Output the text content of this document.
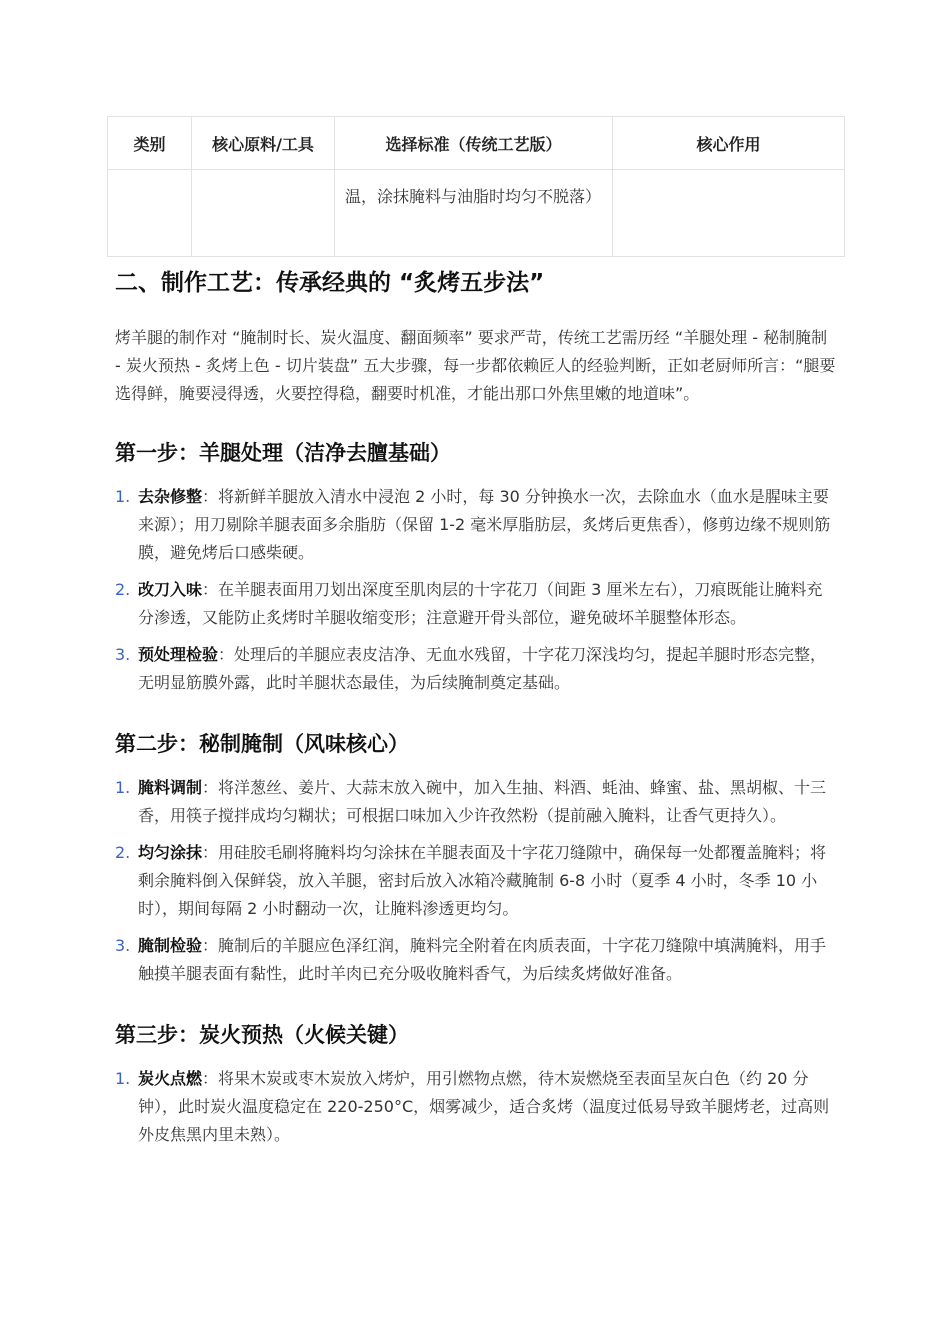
类别	核心原料/工具	选择标准（传统工艺版）	核心作用
		温，涂抹腌料与油脂时均匀不脱落）	
二、制作工艺：传承经典的 “炙烤五步法”

烤羊腿的制作对 “腌制时长、炭火温度、翻面频率” 要求严苛，传统工艺需历经 “羊腿处理 - 秘制腌制 - 炭火预热 - 炙烤上色 - 切片装盘” 五大步骤，每一步都依赖匠人的经验判断，正如老厨师所言：“腿要选得鲜，腌要浸得透，火要控得稳，翻要时机准，才能出那口外焦里嫩的地道味”。

第一步：羊腿处理（洁净去膻基础）
1. 去杂修整：将新鲜羊腿放入清水中浸泡 2 小时，每 30 分钟换水一次，去除血水（血水是腥味主要来源）；用刀剔除羊腿表面多余脂肪（保留 1-2 毫米厚脂肪层，炙烤后更焦香），修剪边缘不规则筋膜，避免烤后口感柴硬。
2. 改刀入味：在羊腿表面用刀划出深度至肌肉层的十字花刀（间距 3 厘米左右），刀痕既能让腌料充分渗透，又能防止炙烤时羊腿收缩变形；注意避开骨头部位，避免破坏羊腿整体形态。
3. 预处理检验：处理后的羊腿应表皮洁净、无血水残留，十字花刀深浅均匀，提起羊腿时形态完整，无明显筋膜外露，此时羊腿状态最佳，为后续腌制奠定基础。
第二步：秘制腌制（风味核心）
1. 腌料调制：将洋葱丝、姜片、大蒜末放入碗中，加入生抽、料酒、蚝油、蜂蜜、盐、黑胡椒、十三香，用筷子搅拌成均匀糊状；可根据口味加入少许孜然粉（提前融入腌料，让香气更持久）。
2. 均匀涂抹：用硅胶毛刷将腌料均匀涂抹在羊腿表面及十字花刀缝隙中，确保每一处都覆盖腌料；将剩余腌料倒入保鲜袋，放入羊腿，密封后放入冰箱冷藏腌制 6-8 小时（夏季 4 小时，冬季 10 小时），期间每隔 2 小时翻动一次，让腌料渗透更均匀。
3. 腌制检验：腌制后的羊腿应色泽红润，腌料完全附着在肉质表面，十字花刀缝隙中填满腌料，用手触摸羊腿表面有黏性，此时羊肉已充分吸收腌料香气，为后续炙烤做好准备。
第三步：炭火预热（火候关键）
1. 炭火点燃：将果木炭或枣木炭放入烤炉，用引燃物点燃，待木炭燃烧至表面呈灰白色（约 20 分钟），此时炭火温度稳定在 220-250°C，烟雾减少，适合炙烤（温度过低易导致羊腿烤老，过高则外皮焦黑内里未熟）。
